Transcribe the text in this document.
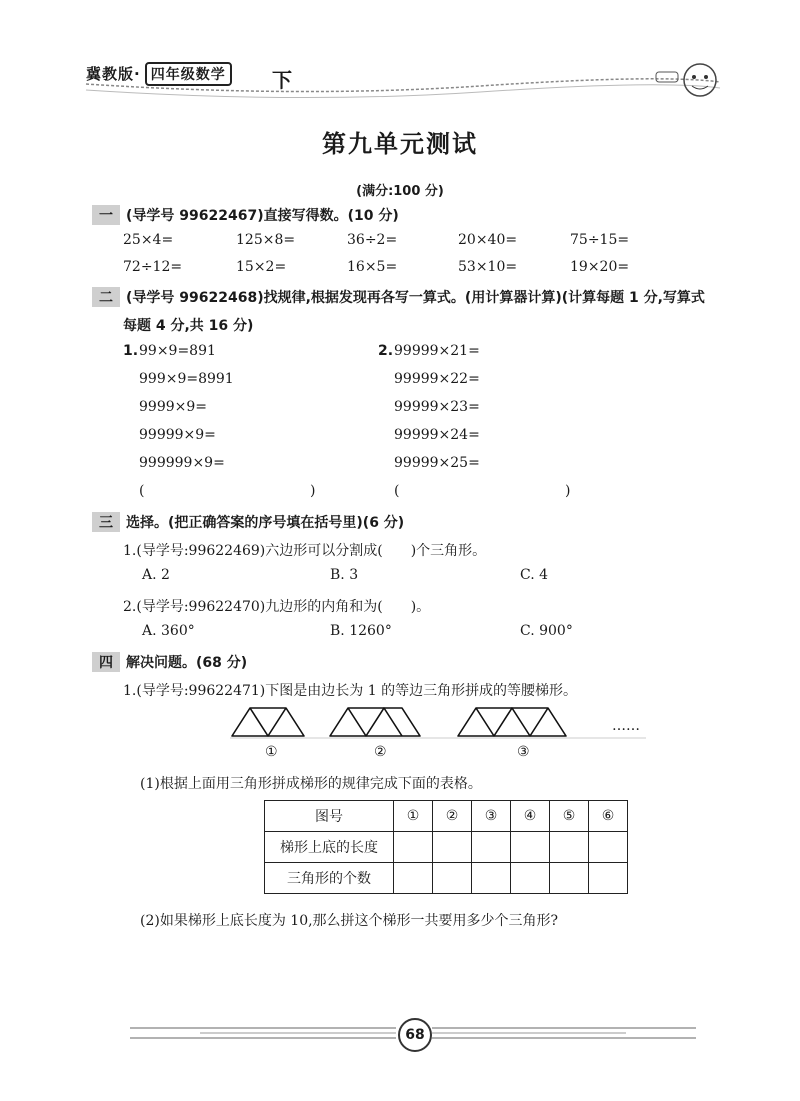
冀教版· 四年级数学	下
第九单元测试
(满分:100 分)
一 (导学号 99622467)直接写得数。(10 分)
25×4=	125×8=	36÷2=	20×40=	75÷15=
72÷12=	15×2=	16×5=	53×10=	19×20=
二 (导学号 99622468)找规律,根据发现再各写一算式。(用计算器计算)(计算每题 1 分,写算式
每题 4 分,共 16 分)
1. 99×9=891
999×9=8991
9999×9=
99999×9=
999999×9=
(	)
2. 99999×21=
99999×22=
99999×23=
99999×24=
99999×25=
(	)
三 选择。(把正确答案的序号填在括号里)(6 分)
1.(导学号:99622469)六边形可以分割成(　　)个三角形。
A. 2	B. 3	C. 4
2.(导学号:99622470)九边形的内角和为(　　)。
A. 360°	B. 1260°	C. 900°
四 解决问题。(68 分)
1.(导学号:99622471)下图是由边长为 1 的等边三角形拼成的等腰梯形。
①	②	③
……
(1)根据上面用三角形拼成梯形的规律完成下面的表格。
图号	①	②	③	④	⑤	⑥
梯形上底的长度						
三角形的个数						
(2)如果梯形上底长度为 10,那么拼这个梯形一共要用多少个三角形?
68
